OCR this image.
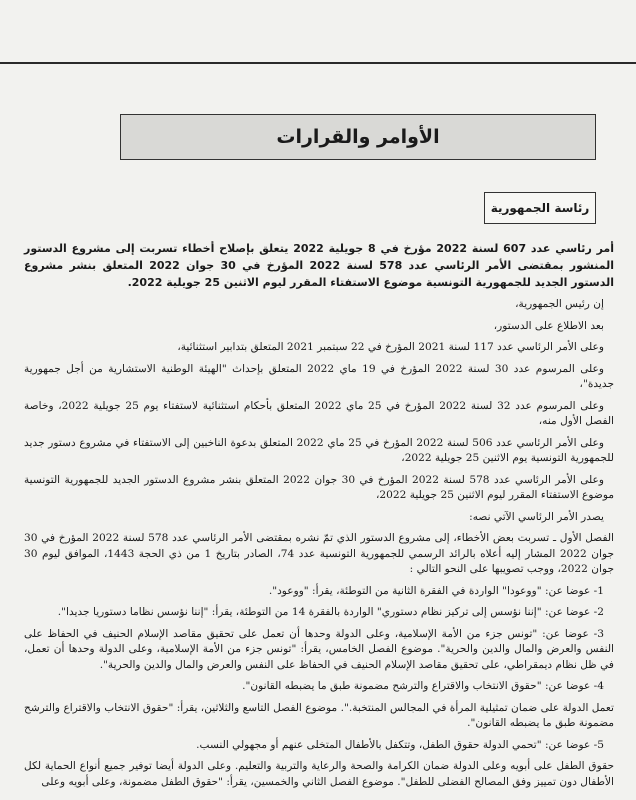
الأوامر والقرارات
رئاسة الجمهورية

أمر رئاسي عدد 607 لسنة 2022 مؤرخ في 8 جويلية 2022 يتعلق بإصلاح أخطاء تسربت إلى مشروع الدستور المنشور بمقتضى الأمر الرئاسي عدد 578 لسنة 2022 المؤرخ في 30 جوان 2022 المتعلق بنشر مشروع الدستور الجديد للجمهورية التونسية موضوع الاستفتاء المقرر ليوم الاثنين 25 جويلية 2022.

إن رئيس الجمهورية،

بعد الاطلاع على الدستور،

وعلى الأمر الرئاسي عدد 117 لسنة 2021 المؤرخ في 22 سبتمبر 2021 المتعلق بتدابير استثنائية،

وعلى المرسوم عدد 30 لسنة 2022 المؤرخ في 19 ماي 2022 المتعلق بإحداث "الهيئة الوطنية الاستشارية من أجل جمهورية جديدة"،

وعلى المرسوم عدد 32 لسنة 2022 المؤرخ في 25 ماي 2022 المتعلق بأحكام استثنائية لاستفتاء يوم 25 جويلية 2022، وخاصة الفصل الأول منه،

وعلى الأمر الرئاسي عدد 506 لسنة 2022 المؤرخ في 25 ماي 2022 المتعلق بدعوة الناخبين إلى الاستفتاء في مشروع دستور جديد للجمهورية التونسية يوم الاثنين 25 جويلية 2022،

وعلى الأمر الرئاسي عدد 578 لسنة 2022 المؤرخ في 30 جوان 2022 المتعلق بنشر مشروع الدستور الجديد للجمهورية التونسية موضوع الاستفتاء المقرر ليوم الاثنين 25 جويلية 2022،

يصدر الأمر الرئاسي الآتي نصه:

الفصل الأول ـ تسربت بعض الأخطاء، إلى مشروع الدستور الذي تمّ نشره بمقتضى الأمر الرئاسي عدد 578 لسنة 2022 المؤرخ في 30 جوان 2022 المشار إليه أعلاه بالرائد الرسمي للجمهورية التونسية عدد 74، الصادر بتاريخ 1 من ذي الحجة 1443، الموافق ليوم 30 جوان 2022، ووجب تصويبها على النحو التالي :

1- عوضا عن: "ووعودا" الواردة في الفقرة الثانية من التوطئة، يقرأ: "ووعود".

2- عوضا عن: "إننا نؤسس إلى تركيز نظام دستوري" الواردة بالفقرة 14 من التوطئة، يقرأ: "إننا نؤسس نظاما دستوريا جديدا".

3- عوضا عن: "تونس جزء من الأمة الإسلامية، وعلى الدولة وحدها أن تعمل على تحقيق مقاصد الإسلام الحنيف في الحفاظ على النفس والعرض والمال والدين والحرية". موضوع الفصل الخامس، يقرأ: "تونس جزء من الأمة الإسلامية، وعلى الدولة وحدها أن تعمل، في ظل نظام ديمقراطي، على تحقيق مقاصد الإسلام الحنيف في الحفاظ على النفس والعرض والمال والدين والحرية".

4- عوضا عن: "حقوق الانتخاب والاقتراع والترشح مضمونة طبق ما يضبطه القانون".

تعمل الدولة على ضمان تمثيلية المرأة في المجالس المنتخبة.". موضوع الفصل التاسع والثلاثين، يقرأ: "حقوق الانتخاب والاقتراع والترشح مضمونة طبق ما يضبطه القانون".

5- عوضا عن: "تحمي الدولة حقوق الطفل، وتتكفل بالأطفال المتخلى عنهم أو مجهولي النسب.

حقوق الطفل على أبويه وعلى الدولة ضمان الكرامة والصحة والرعاية والتربية والتعليم. وعلى الدولة أيضا توفير جميع أنواع الحماية لكل الأطفال دون تمييز وفق المصالح الفضلى للطفل". موضوع الفصل الثاني والخمسين، يقرأ: "حقوق الطفل مضمونة، وعلى أبويه وعلى
